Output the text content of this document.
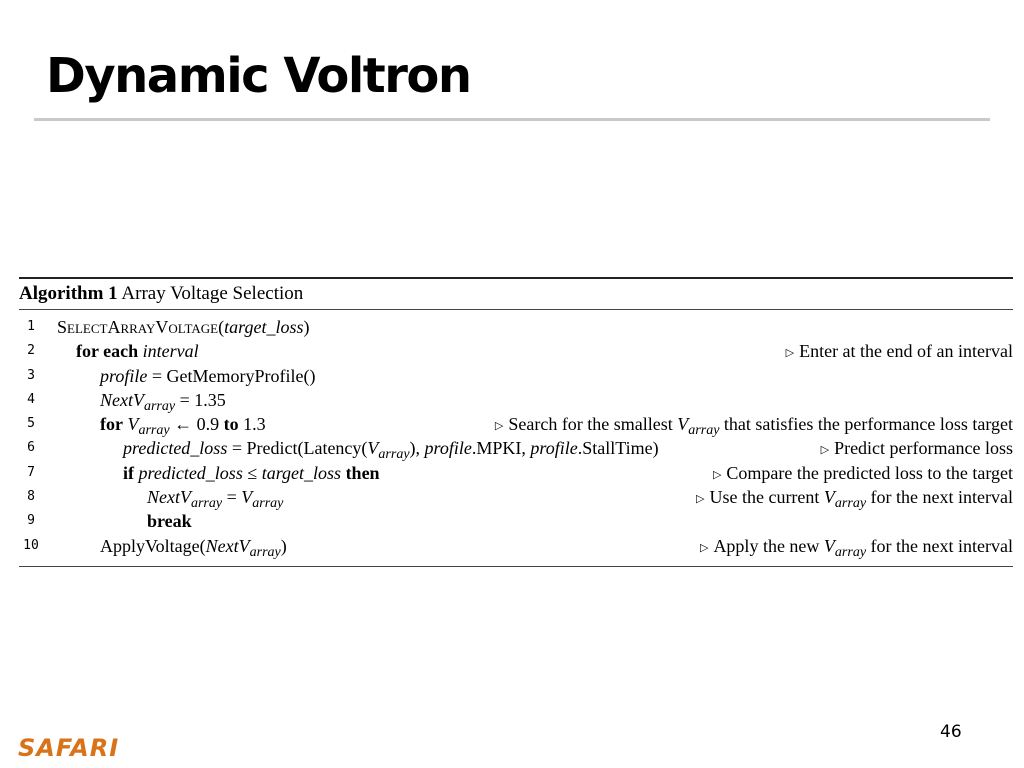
Dynamic Voltron
Algorithm 1 Array Voltage Selection
1	SelectArrayVoltage(target_loss)
2	for each interval	▷ Enter at the end of an interval
3	profile = GetMemoryProfile()
4	NextV$_{array}$ = 1.35
5	for $V_{array}$ ← 0.9 to 1.3	▷ Search for the smallest $V_{array}$ that satisfies the performance loss target
6	predicted_loss = $Predict(Latency(V_{array})$, profile.MPKI, profile.StallTime)	▷ Predict performance loss
7	if predicted_loss ≤ target_loss then	▷ Compare the predicted loss to the target
8	NextV$_{array}$ = $V_{array}$	▷ Use the current $V_{array}$ for the next interval
9	break
10	ApplyVoltage(NextV$_{array}$)	▷ Apply the new $V_{array}$ for the next interval
SAFARI
46
